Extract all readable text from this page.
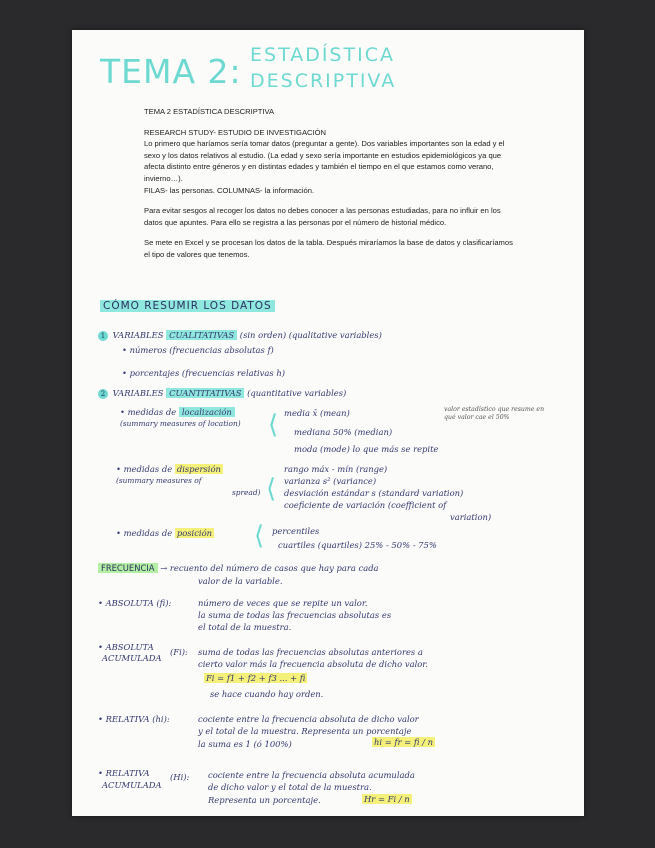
TEMA 2: ESTADÍSTICA
DESCRIPTIVA

TEMA 2 ESTADÍSTICA DESCRIPTIVA

RESEARCH STUDY- ESTUDIO DE INVESTIGACIÓN

Lo primero que haríamos sería tomar datos (preguntar a gente). Dos variables importantes son la edad y el sexo y los datos relativos al estudio. (La edad y sexo sería importante en estudios epidemiológicos ya que afecta distinto entre géneros y en distintas edades y también el tiempo en el que estamos como verano, invierno…).

FILAS- las personas. COLUMNAS- la información.

Para evitar sesgos al recoger los datos no debes conocer a las personas estudiadas, para no influir en los datos que apuntes. Para ello se registra a las personas por el número de historial médico.

Se mete en Excel y se procesan los datos de la tabla. Después miraríamos la base de datos y clasificaríamos el tipo de valores que tenemos.

CÓMO RESUMIR LOS DATOS
1 VARIABLES CUALITATIVAS (sin orden) (qualitative variables)
• números (frecuencias absolutas f)
• porcentajes (frecuencias relativas h)
2 VARIABLES CUANTITATIVAS (quantitative variables)
• medidas de localización
(summary measures of location) ⟨ media x̄ (mean)
mediana 50% (median)
moda (mode) lo que más se repite
valor estadístico que resume en qué valor cae el 50%
• medidas de dispersión
(summary measures of
spread) ⟨
rango máx - mín (range)
varianza s² (variance)
desviación estándar s (standard variation)
coeficiente de variación (coefficient of
variation)
• medidas de posición ⟨ percentiles
cuartiles (quartiles) 25% - 50% - 75%
FRECUENCIA → recuento del número de casos que hay para cada
valor de la variable.
• ABSOLUTA (fi):	número de veces que se repite un valor.
la suma de todas las frecuencias absolutas es
el total de la muestra.
• ABSOLUTA
ACUMULADA
(Fi): suma de todas las frecuencias absolutas anteriores a
cierto valor más la frecuencia absoluta de dicho valor.
Fi = f1 + f2 + f3 ... + fi
se hace cuando hay orden.
• RELATIVA (hi):	cociente entre la frecuencia absoluta de dicho valor
y el total de la muestra. Representa un porcentaje
la suma es 1 (ó 100%)	hi = fr = fi / n
• RELATIVA
ACUMULADA
(Hi): cociente entre la frecuencia absoluta acumulada
de dicho valor y el total de la muestra.
Representa un porcentaje.	Hr = Fi / n
